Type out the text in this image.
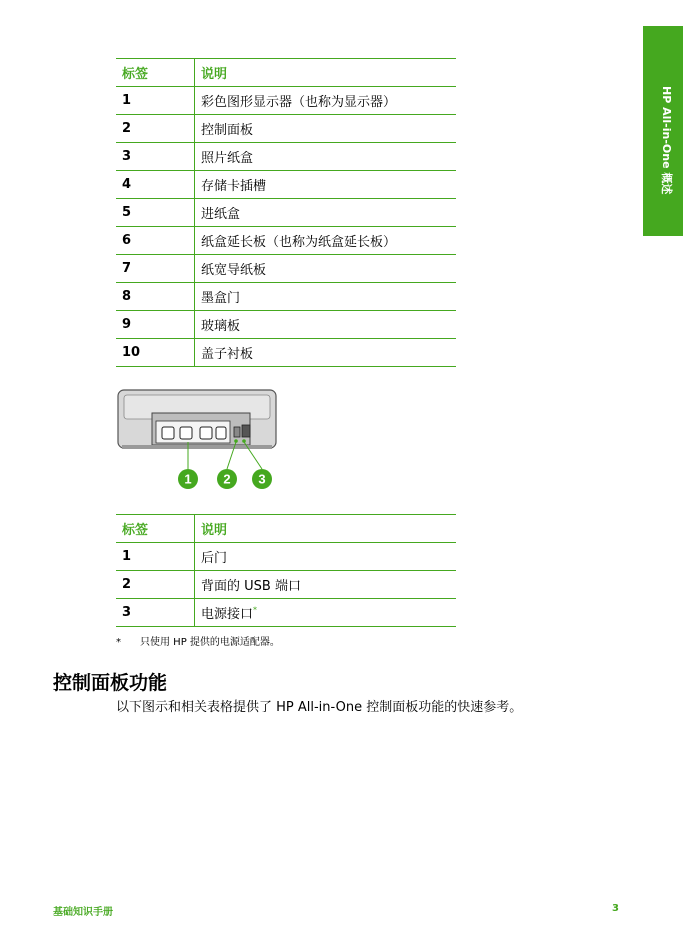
HP All-in-One 概述
标签	说明
1	彩色图形显示器（也称为显示器）
2	控制面板
3	照片纸盒
4	存储卡插槽
5	进纸盒
6	纸盒延长板（也称为纸盒延长板）
7	纸宽导纸板
8	墨盒门
9	玻璃板
10	盖子衬板
1 2 3
标签	说明
1	后门
2	背面的 USB 端口
3	电源接口*
* 只使用 HP 提供的电源适配器。
控制面板功能
以下图示和相关表格提供了 HP All-in-One 控制面板功能的快速参考。
基础知识手册	3
